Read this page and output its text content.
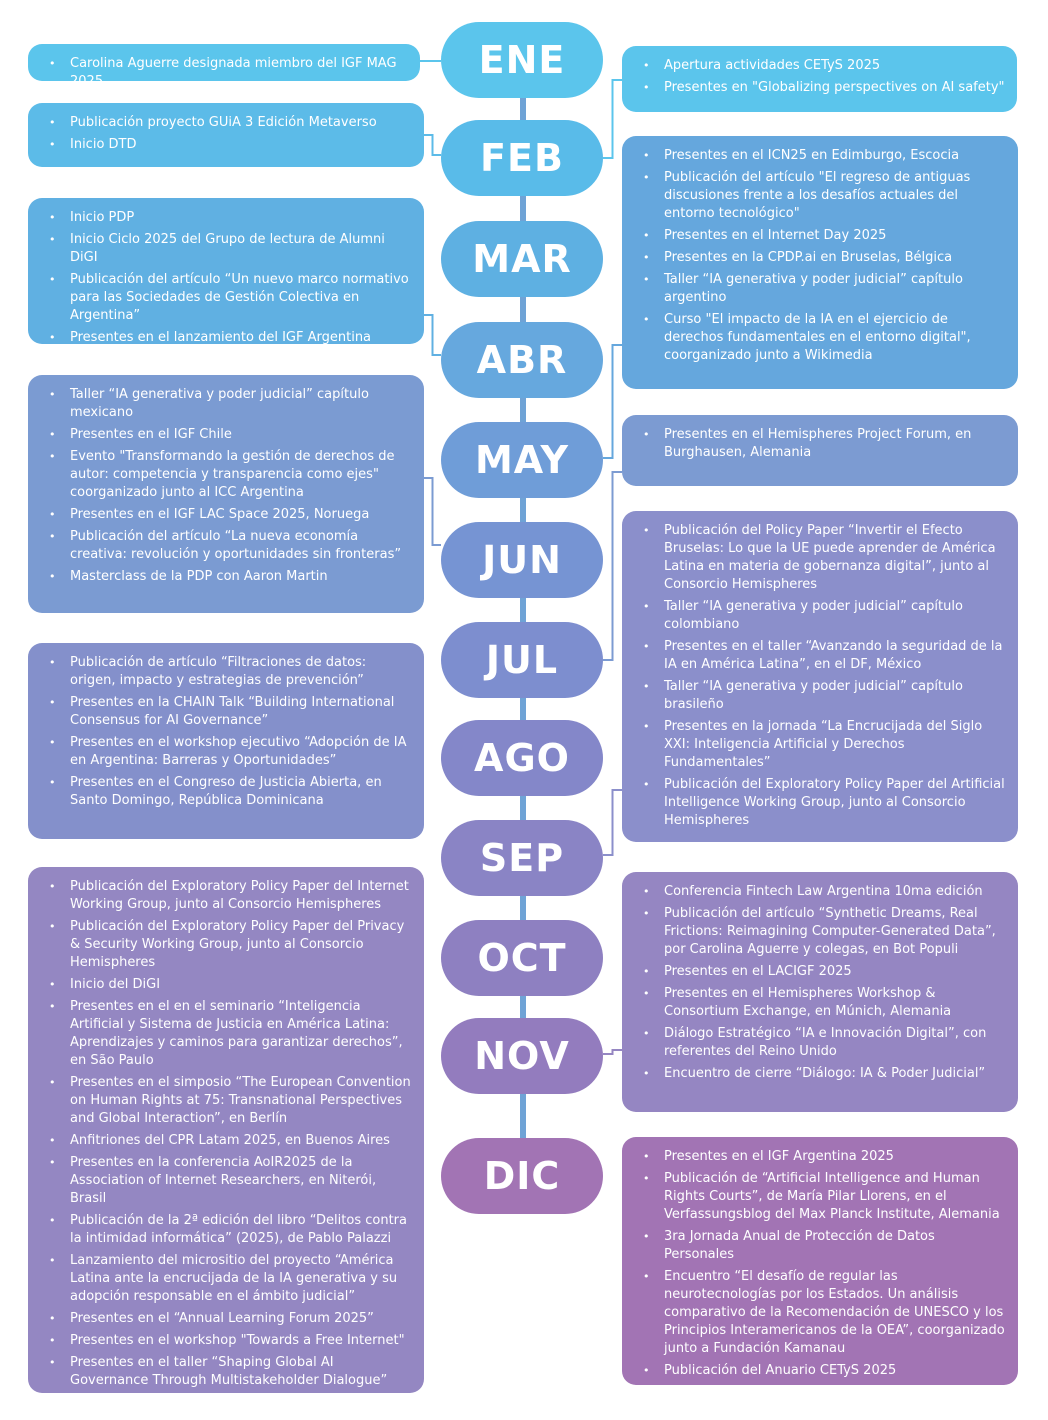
ENE
FEB
MAR
ABR
MAY
JUN
JUL
AGO
SEP
OCT
NOV
DIC
• Carolina Aguerre designada miembro del IGF MAG 2025
• Publicación proyecto GUiA 3 Edición Metaverso
• Inicio DTD
• Inicio PDP
• Inicio Ciclo 2025 del Grupo de lectura de Alumni DiGI
• Publicación del artículo “Un nuevo marco normativo para las Sociedades de Gestión Colectiva en Argentina”
• Presentes en el lanzamiento del IGF Argentina
• Taller “IA generativa y poder judicial” capítulo mexicano
• Presentes en el IGF Chile
• Evento "Transformando la gestión de derechos de autor: competencia y transparencia como ejes" coorganizado junto al ICC Argentina
• Presentes en el IGF LAC Space 2025, Noruega
• Publicación del artículo “La nueva economía creativa: revolución y oportunidades sin fronteras”
• Masterclass de la PDP con Aaron Martin
• Publicación de artículo “Filtraciones de datos: origen, impacto y estrategias de prevención”
• Presentes en la CHAIN Talk “Building International Consensus for AI Governance”
• Presentes en el workshop ejecutivo “Adopción de IA en Argentina: Barreras y Oportunidades”
• Presentes en el Congreso de Justicia Abierta, en Santo Domingo, República Dominicana
• Publicación del Exploratory Policy Paper del Internet Working Group, junto al Consorcio Hemispheres
• Publicación del Exploratory Policy Paper del Privacy & Security Working Group, junto al Consorcio Hemispheres
• Inicio del DiGI
• Presentes en el en el seminario “Inteligencia Artificial y Sistema de Justicia en América Latina: Aprendizajes y caminos para garantizar derechos”, en São Paulo
• Presentes en el simposio “The European Convention on Human Rights at 75: Transnational Perspectives and Global Interaction”, en Berlín
• Anfitriones del CPR Latam 2025, en Buenos Aires
• Presentes en la conferencia AoIR2025 de la Association of Internet Researchers, en Niterói, Brasil
• Publicación de la 2ª edición del libro “Delitos contra la intimidad informática” (2025), de Pablo Palazzi
• Lanzamiento del micrositio del proyecto “América Latina ante la encrucijada de la IA generativa y su adopción responsable en el ámbito judicial”
• Presentes en el “Annual Learning Forum 2025”
• Presentes en el workshop "Towards a Free Internet"
• Presentes en el taller “Shaping Global AI Governance Through Multistakeholder Dialogue”
• Apertura actividades CETyS 2025
• Presentes en "Globalizing perspectives on AI safety"
• Presentes en el ICN25 en Edimburgo, Escocia
• Publicación del artículo "El regreso de antiguas discusiones frente a los desafíos actuales del entorno tecnológico"
• Presentes en el Internet Day 2025
• Presentes en la CPDP.ai en Bruselas, Bélgica
• Taller “IA generativa y poder judicial” capítulo argentino
• Curso "El impacto de la IA en el ejercicio de derechos fundamentales en el entorno digital", coorganizado junto a Wikimedia
• Presentes en el Hemispheres Project Forum, en Burghausen, Alemania
• Publicación del Policy Paper “Invertir el Efecto Bruselas: Lo que la UE puede aprender de América Latina en materia de gobernanza digital”, junto al Consorcio Hemispheres
• Taller “IA generativa y poder judicial” capítulo colombiano
• Presentes en el taller “Avanzando la seguridad de la IA en América Latina”, en el DF, México
• Taller “IA generativa y poder judicial” capítulo brasileño
• Presentes en la jornada “La Encrucijada del Siglo XXI: Inteligencia Artificial y Derechos Fundamentales”
• Publicación del Exploratory Policy Paper del Artificial Intelligence Working Group, junto al Consorcio Hemispheres
• Conferencia Fintech Law Argentina 10ma edición
• Publicación del artículo “Synthetic Dreams, Real Frictions: Reimagining Computer-Generated Data”, por Carolina Aguerre y colegas, en Bot Populi
• Presentes en el LACIGF 2025
• Presentes en el Hemispheres Workshop & Consortium Exchange, en Múnich, Alemania
• Diálogo Estratégico “IA e Innovación Digital”, con referentes del Reino Unido
• Encuentro de cierre “Diálogo: IA & Poder Judicial”
• Presentes en el IGF Argentina 2025
• Publicación de “Artificial Intelligence and Human Rights Courts”, de María Pilar Llorens, en el Verfassungsblog del Max Planck Institute, Alemania
• 3ra Jornada Anual de Protección de Datos Personales
• Encuentro “El desafío de regular las neurotecnologías por los Estados. Un análisis comparativo de la Recomendación de UNESCO y los Principios Interamericanos de la OEA”, coorganizado junto a Fundación Kamanau
• Publicación del Anuario CETyS 2025
